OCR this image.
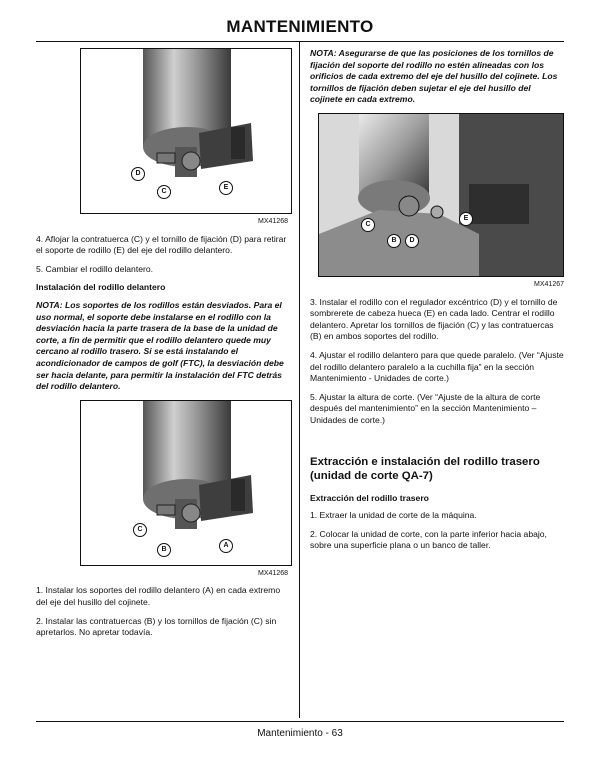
MANTENIMIENTO
D
C
E
MX41268

4. Aflojar la contratuerca (C) y el tornillo de fijación (D) para retirar el soporte de rodillo (E) del eje del rodillo delantero.

5. Cambiar el rodillo delantero.

Instalación del rodillo delantero

NOTA: Los soportes de los rodillos están desviados. Para el uso normal, el soporte debe instalarse en el rodillo con la desviación hacia la parte trasera de la base de la unidad de corte, a fin de permitir que el rodillo delantero quede muy cercano al rodillo trasero. Si se está instalando el acondicionador de campos de golf (FTC), la desviación debe ser hacia delante, para permitir la instalación del FTC detrás del rodillo delantero.

C
B
A
MX41268

1. Instalar los soportes del rodillo delantero (A) en cada extremo del eje del husillo del cojinete.

2. Instalar las contratuercas (B) y los tornillos de fijación (C) sin apretarlos. No apretar todavía.

NOTA: Asegurarse de que las posiciones de los tornillos de fijación del soporte del rodillo no estén alineadas con los orificios de cada extremo del eje del husillo del cojinete. Los tornillos de fijación deben sujetar el eje del husillo del cojinete en cada extremo.

C
E
B	D
MX41267

3. Instalar el rodillo con el regulador excéntrico (D) y el tornillo de sombrerete de cabeza hueca (E) en cada lado. Centrar el rodillo delantero. Apretar los tornillos de fijación (C) y las contratuercas (B) en ambos soportes del rodillo.

4. Ajustar el rodillo delantero para que quede paralelo. (Ver “Ajuste del rodillo delantero paralelo a la cuchilla fija” en la sección Mantenimiento - Unidades de corte.)

5. Ajustar la altura de corte. (Ver “Ajuste de la altura de corte después del mantenimiento” en la sección Mantenimiento – Unidades de corte.)

Extracción e instalación del rodillo trasero (unidad de corte QA-7)
Extracción del rodillo trasero

1. Extraer la unidad de corte de la máquina.

2. Colocar la unidad de corte, con la parte inferior hacia abajo, sobre una superficie plana o un banco de taller.

Mantenimiento - 63
